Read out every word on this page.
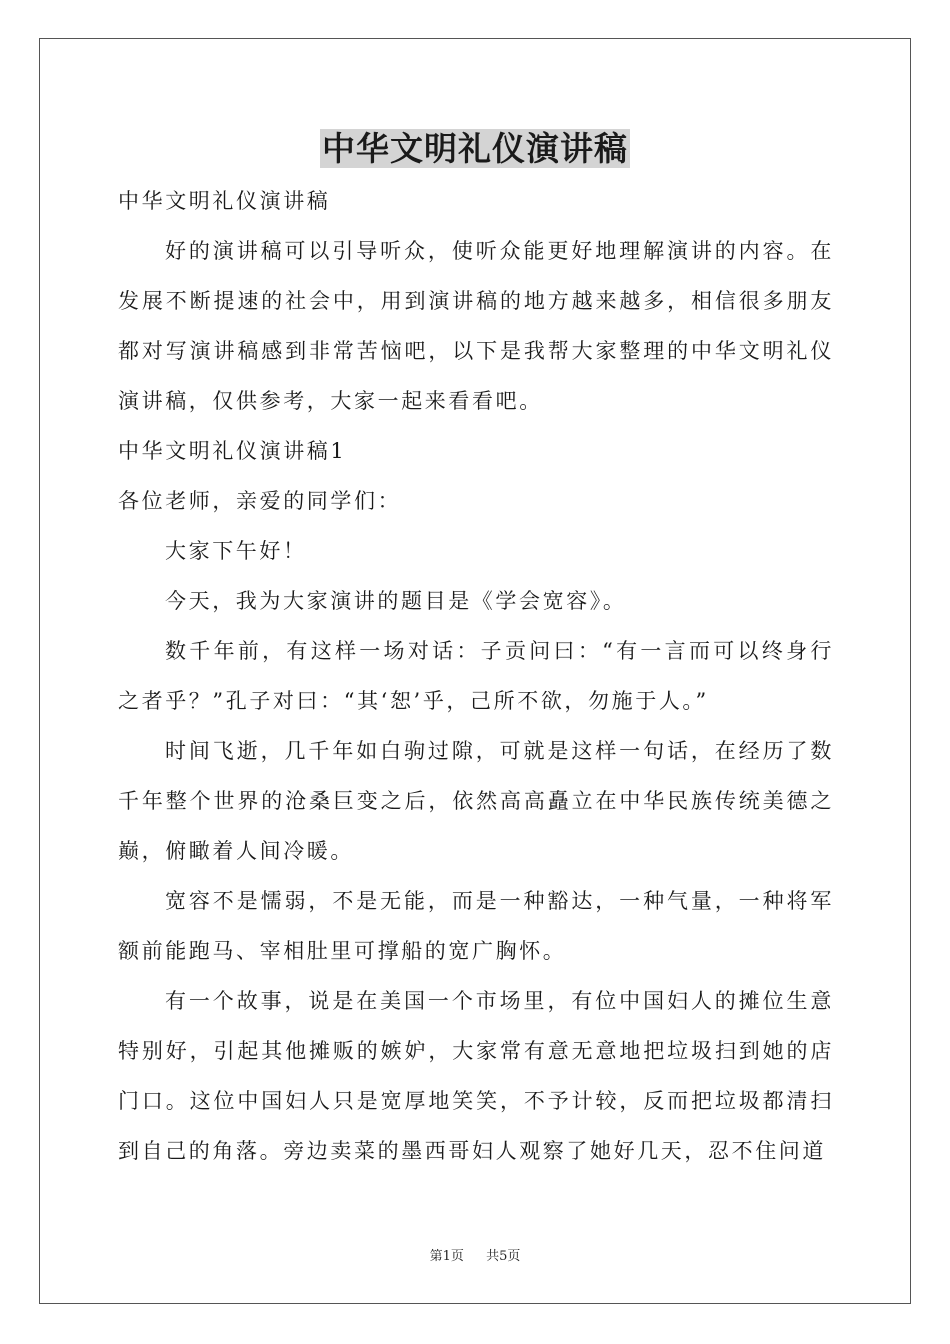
中华文明礼仪演讲稿

中华文明礼仪演讲稿

好的演讲稿可以引导听众，使听众能更好地理解演讲的内容。在发展不断提速的社会中，用到演讲稿的地方越来越多，相信很多朋友都对写演讲稿感到非常苦恼吧，以下是我帮大家整理的中华文明礼仪演讲稿，仅供参考，大家一起来看看吧。

中华文明礼仪演讲稿1

各位老师，亲爱的同学们：

大家下午好！

今天，我为大家演讲的题目是《学会宽容》。

数千年前，有这样一场对话：子贡问曰：“有一言而可以终身行之者乎？”孔子对曰：“其‘恕’乎，己所不欲，勿施于人。”

时间飞逝，几千年如白驹过隙，可就是这样一句话，在经历了数千年整个世界的沧桑巨变之后，依然高高矗立在中华民族传统美德之巅，俯瞰着人间冷暖。

宽容不是懦弱，不是无能，而是一种豁达，一种气量，一种将军额前能跑马、宰相肚里可撑船的宽广胸怀。

有一个故事，说是在美国一个市场里，有位中国妇人的摊位生意特别好，引起其他摊贩的嫉妒，大家常有意无意地把垃圾扫到她的店门口。这位中国妇人只是宽厚地笑笑，不予计较，反而把垃圾都清扫到自己的角落。旁边卖菜的墨西哥妇人观察了她好几天，忍不住问道

第1页 共5页
